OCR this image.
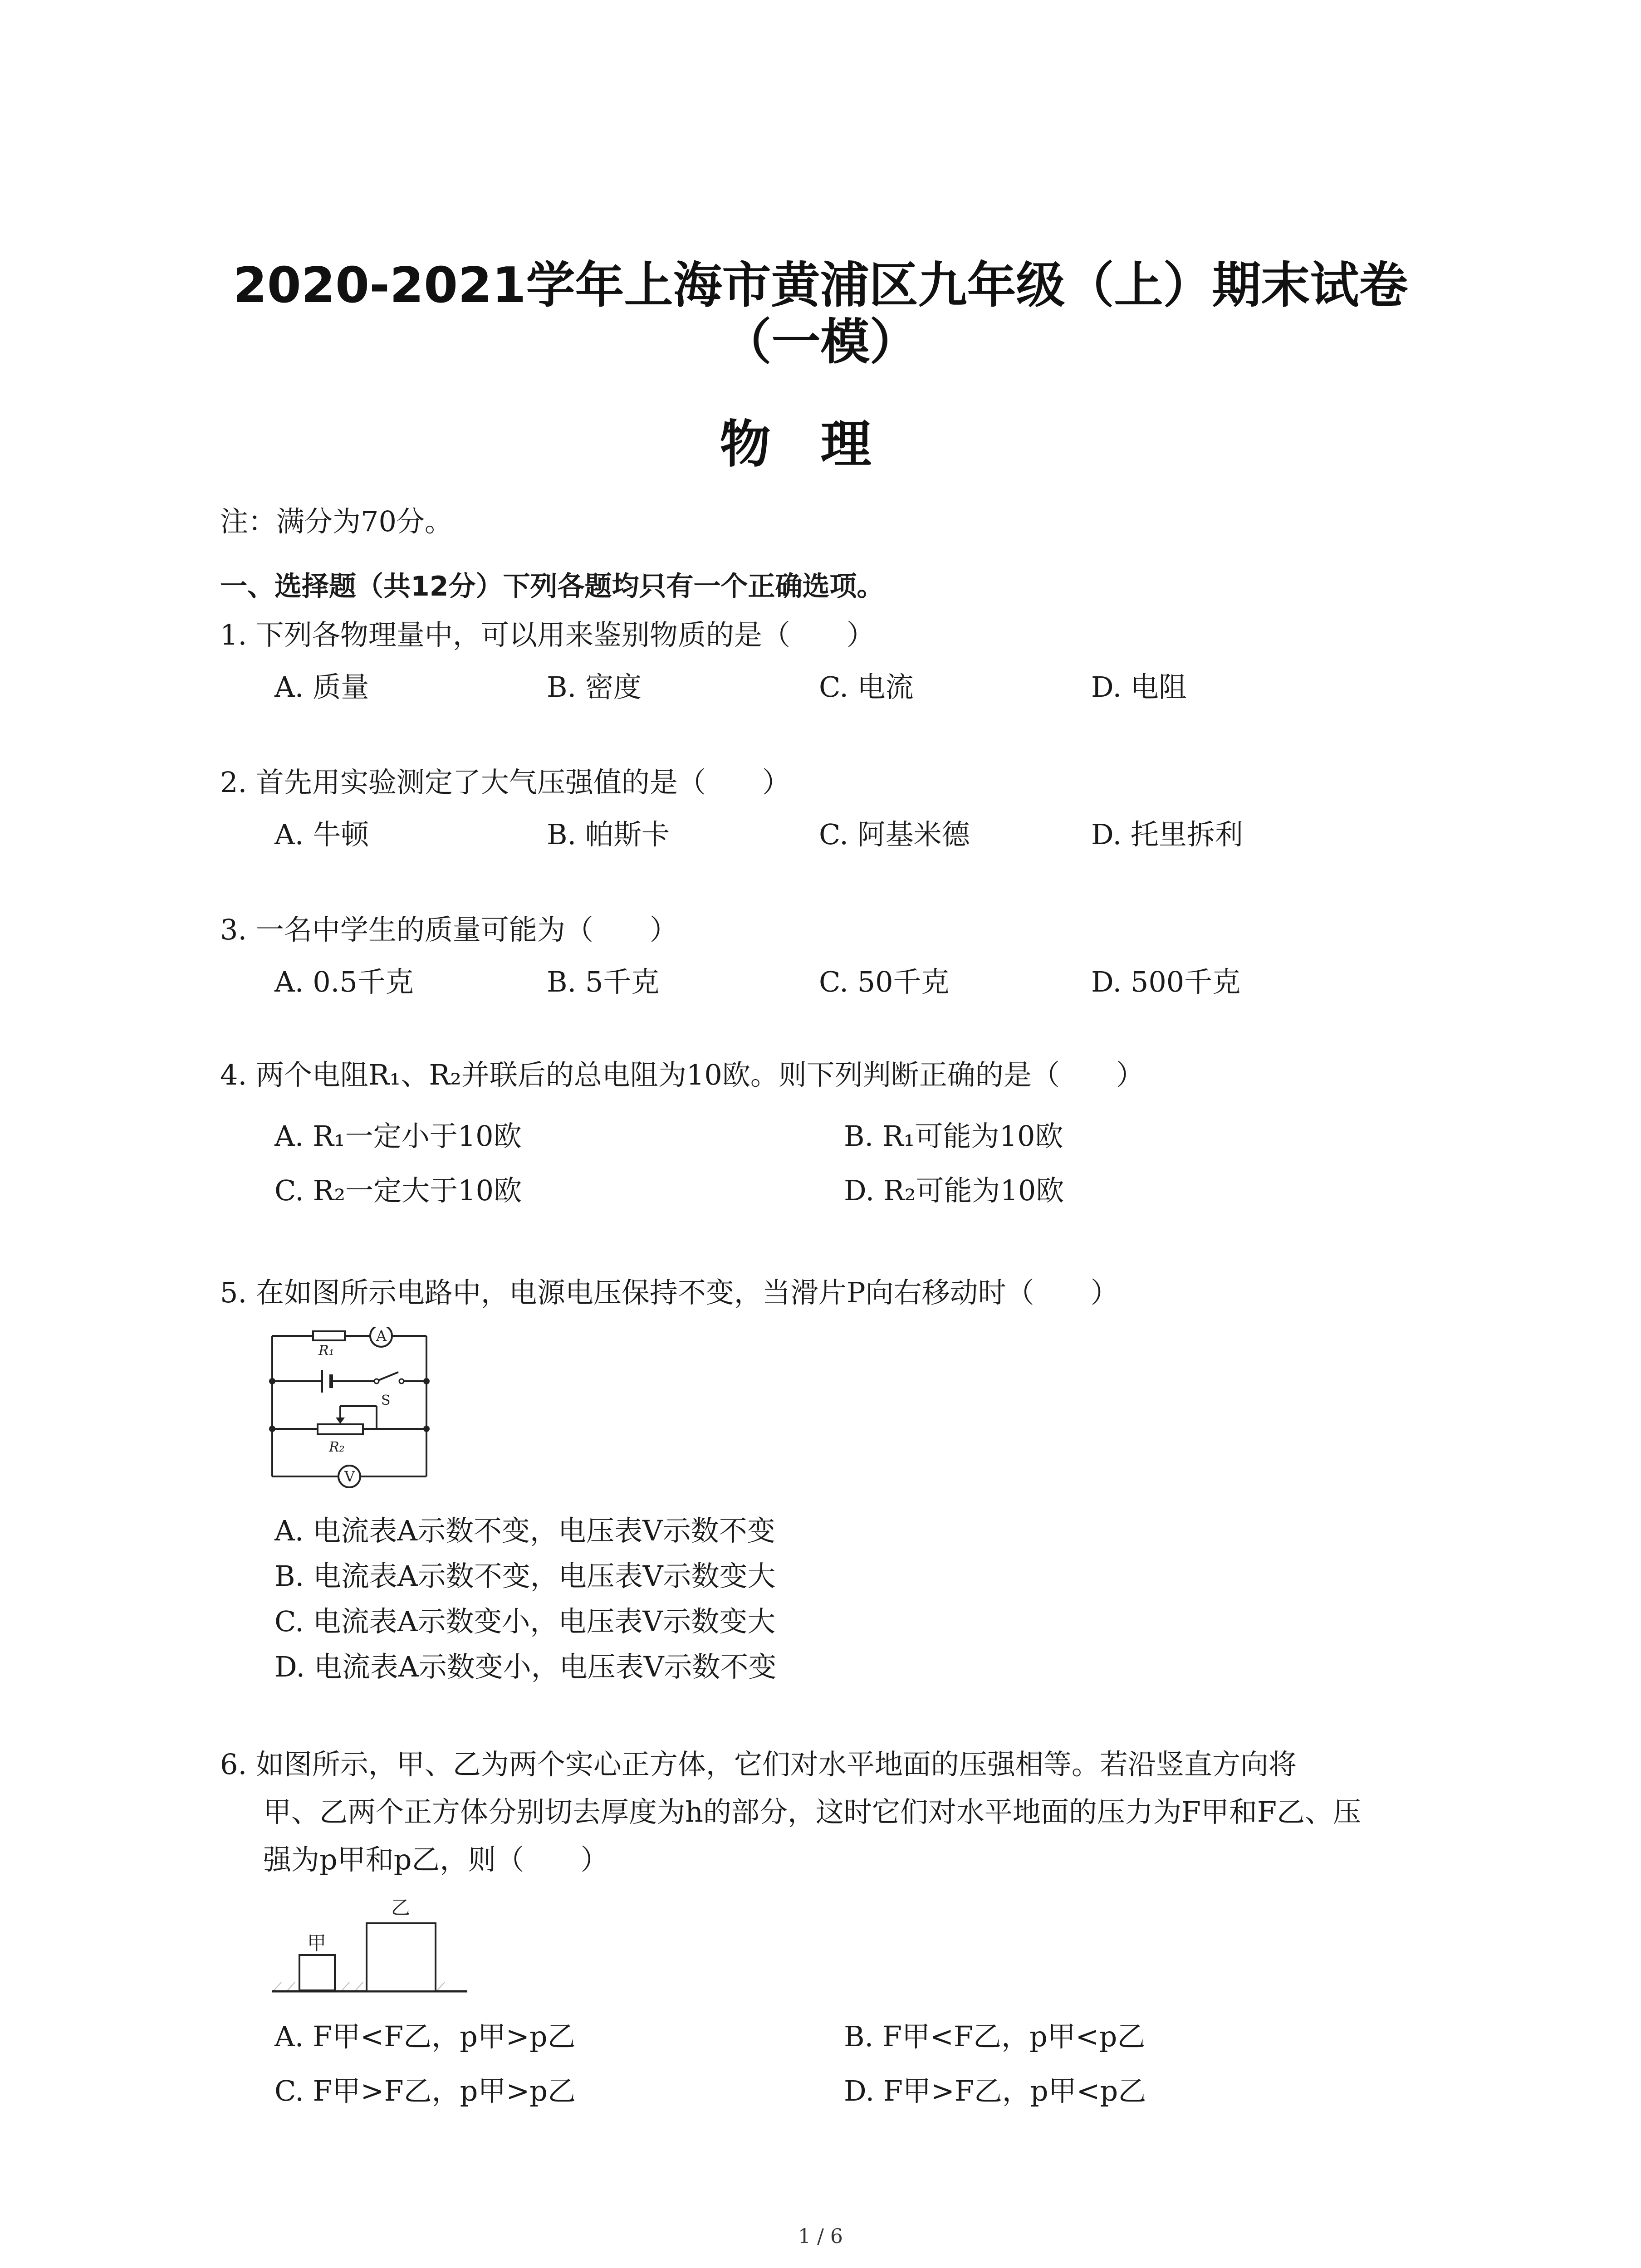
2020-2021学年上海市黄浦区九年级（上）期末试卷
（一模）
物理
注：满分为70分。
一、选择题（共12分）下列各题均只有一个正确选项。
1. 下列各物理量中，可以用来鉴别物质的是（　　）
A. 质量	B. 密度	C. 电流	D. 电阻
2. 首先用实验测定了大气压强值的是（　　）
A. 牛顿	B. 帕斯卡	C. 阿基米德	D. 托里拆利
3. 一名中学生的质量可能为（　　）
A. 0.5千克	B. 5千克	C. 50千克	D. 500千克
4. 两个电阻R₁、R₂并联后的总电阻为10欧。则下列判断正确的是（　　）
A. R₁一定小于10欧	B. R₁可能为10欧
C. R₂一定大于10欧	D. R₂可能为10欧
5. 在如图所示电路中，电源电压保持不变，当滑片P向右移动时（　　）
R₁
A
S
R₂
V
A. 电流表A示数不变，电压表V示数不变
B. 电流表A示数不变，电压表V示数变大
C. 电流表A示数变小，电压表V示数变大
D. 电流表A示数变小，电压表V示数不变
6. 如图所示，甲、乙为两个实心正方体，它们对水平地面的压强相等。若沿竖直方向将
甲、乙两个正方体分别切去厚度为h的部分，这时它们对水平地面的压力为F甲和F乙、压
强为p甲和p乙，则（　　）
甲
乙
A. F甲<F乙，p甲>p乙	B. F甲<F乙，p甲<p乙
C. F甲>F乙，p甲>p乙	D. F甲>F乙，p甲<p乙
1 / 6
